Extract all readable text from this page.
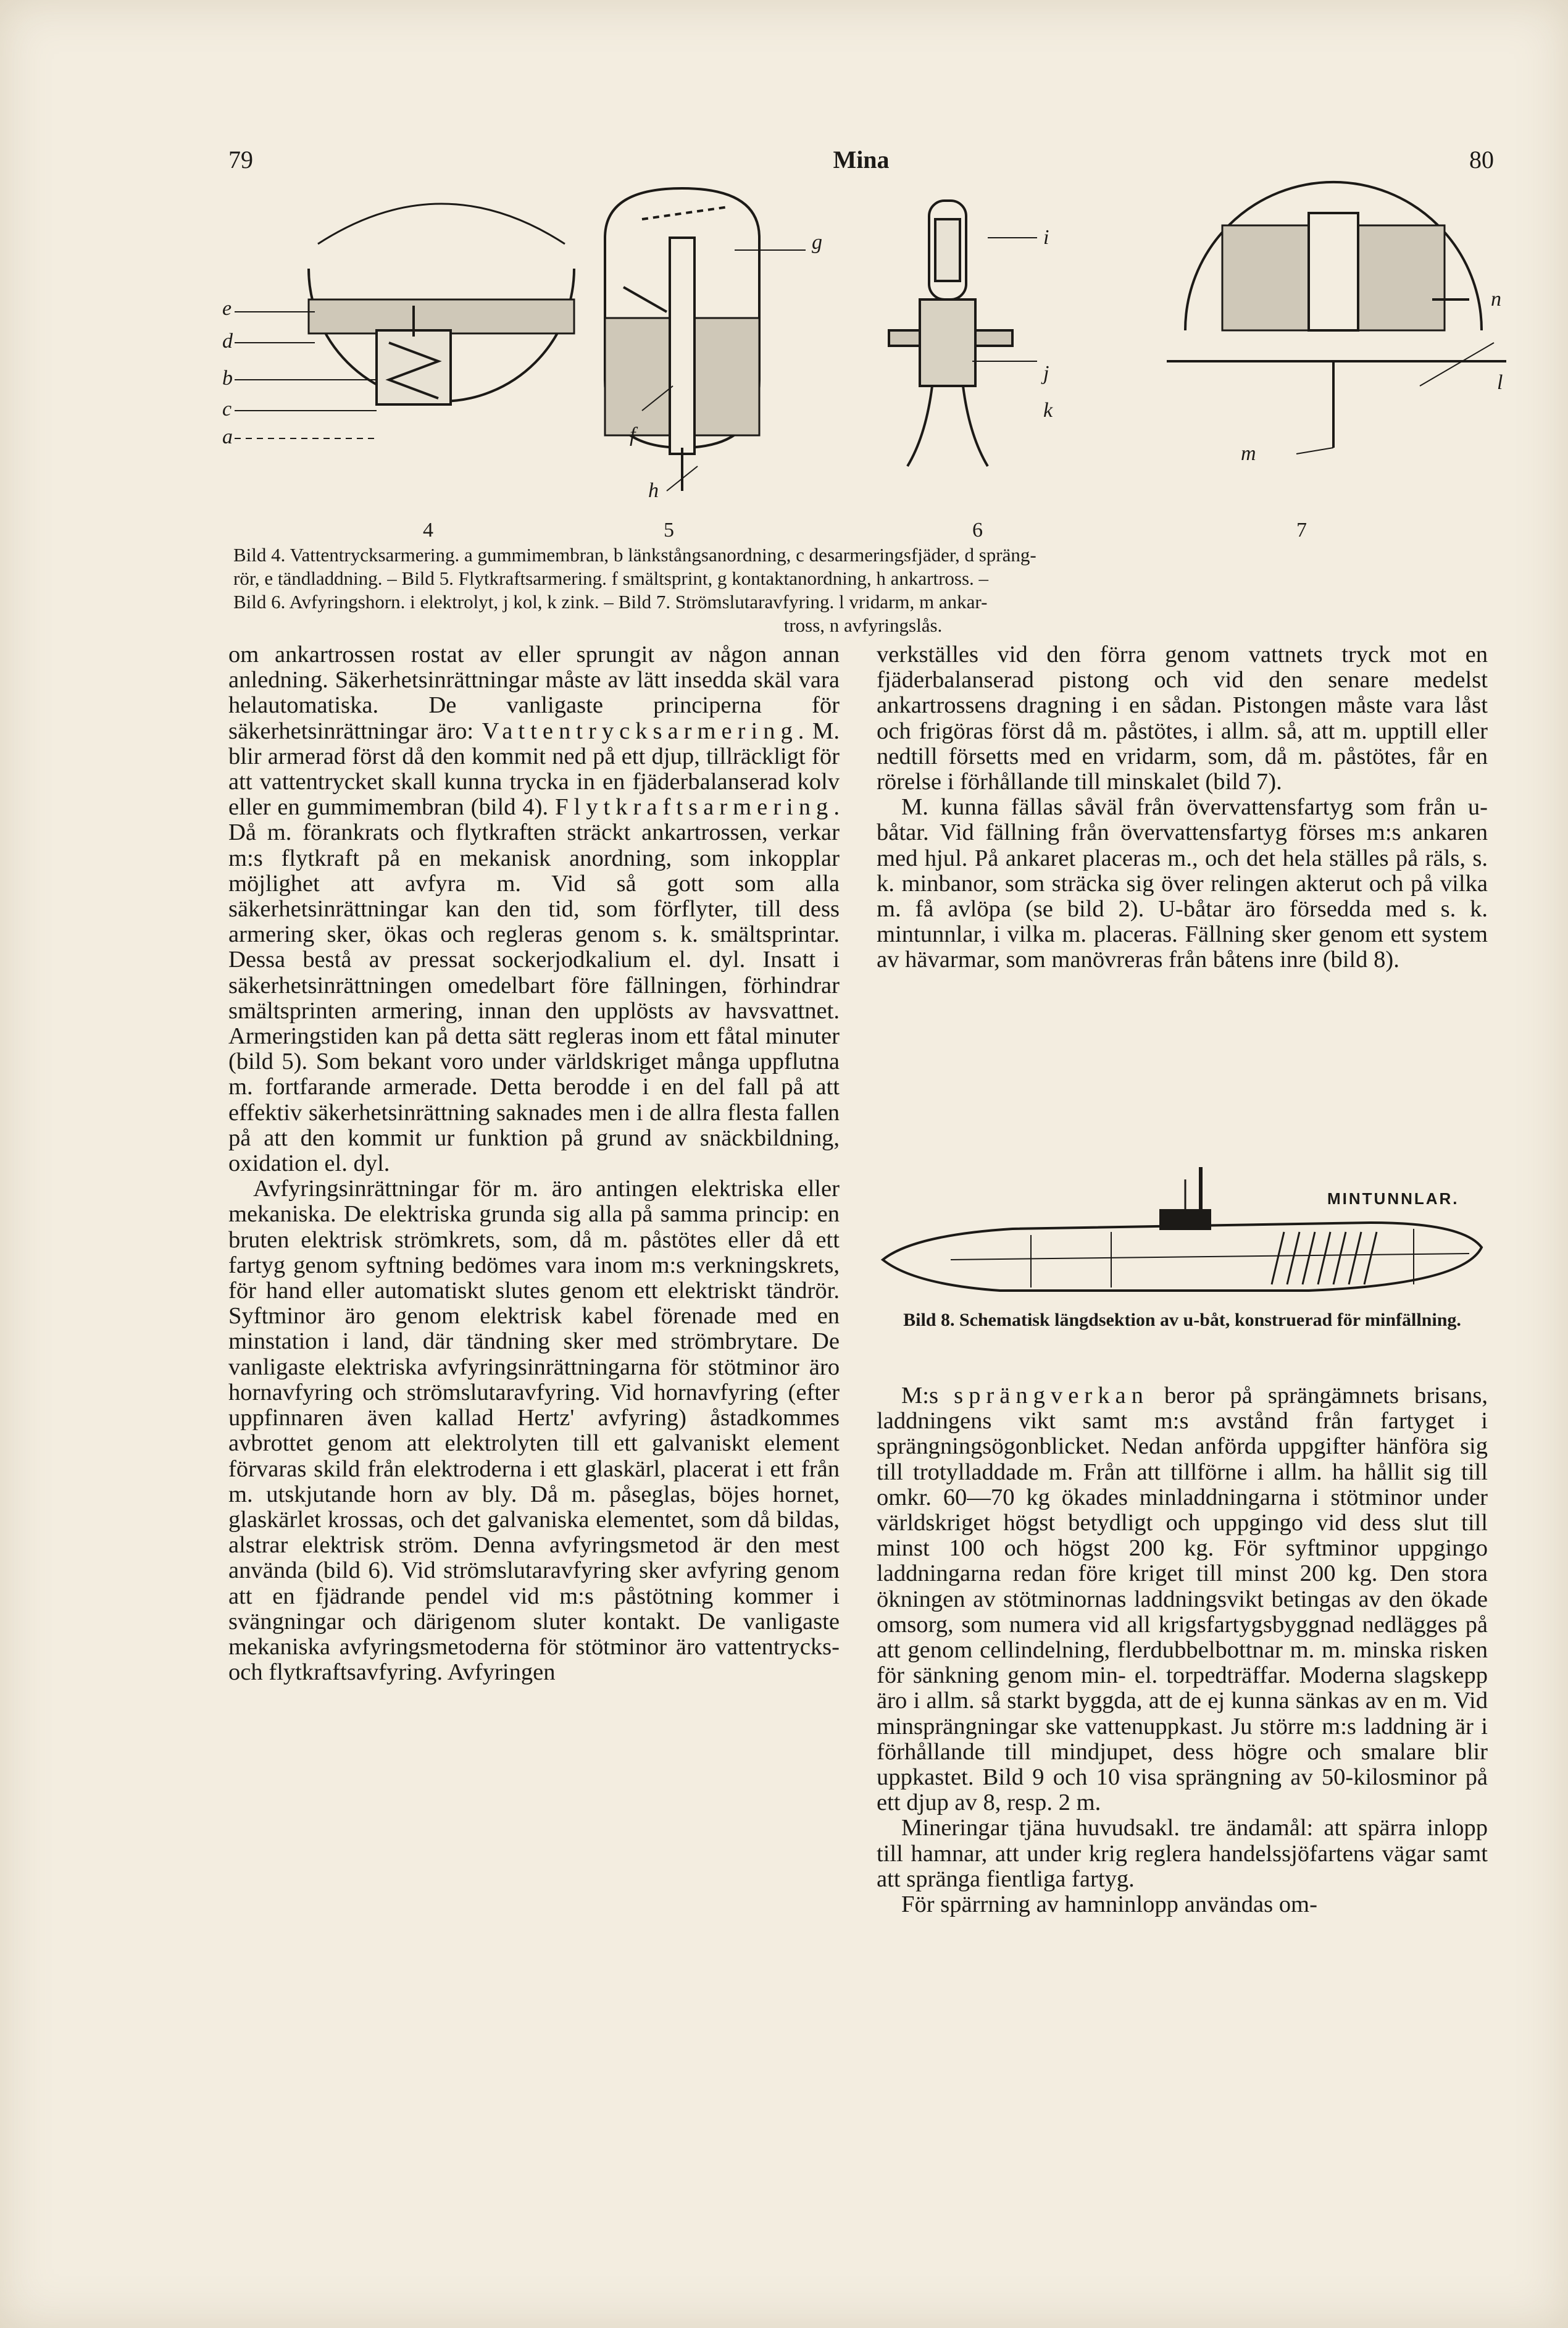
79	Mina	80
e
d
b
c
a
g
f
h
i
j
k
n
l
m
4	5	6	7
Bild 4. Vattentrycksarmering. a gummimembran, b länkstångsanordning, c desarmeringsfjäder, d spräng-
rör, e tändladdning. – Bild 5. Flytkraftsarmering. f smältsprint, g kontaktanordning, h ankartross. –
Bild 6. Avfyringshorn. i elektrolyt, j kol, k zink. – Bild 7. Strömslutaravfyring. l vridarm, m ankar-

tross, n avfyringslås.

om ankartrossen rostat av eller sprungit av någon annan anledning. Säkerhetsinrättningar måste av lätt insedda skäl vara helautomatiska. De vanligaste principerna för säkerhetsinrättningar äro: Vattentrycksarmering. M. blir armerad först då den kommit ned på ett djup, tillräckligt för att vattentrycket skall kunna trycka in en fjäderbalanserad kolv eller en gummimembran (bild 4). Flytkraftsarmering. Då m. förankrats och flytkraften sträckt ankartrossen, verkar m:s flytkraft på en mekanisk anordning, som inkopplar möjlighet att avfyra m. Vid så gott som alla säkerhetsinrättningar kan den tid, som förflyter, till dess armering sker, ökas och regleras genom s. k. smältsprintar. Dessa bestå av pressat sockerjodkalium el. dyl. Insatt i säkerhetsinrättningen omedelbart före fällningen, förhindrar smältsprinten armering, innan den upplösts av havsvattnet. Armeringstiden kan på detta sätt regleras inom ett fåtal minuter (bild 5). Som bekant voro under världskriget många uppflutna m. fortfarande armerade. Detta berodde i en del fall på att effektiv säkerhetsinrättning saknades men i de allra flesta fallen på att den kommit ur funktion på grund av snäckbildning, oxidation el. dyl.

Avfyringsinrättningar för m. äro antingen elektriska eller mekaniska. De elektriska grunda sig alla på samma princip: en bruten elektrisk strömkrets, som, då m. påstötes eller då ett fartyg genom syftning bedömes vara inom m:s verkningskrets, för hand eller automatiskt slutes genom ett elektriskt tändrör. Syftminor äro genom elektrisk kabel förenade med en minstation i land, där tändning sker med strömbrytare. De vanligaste elektriska avfyringsinrättningarna för stötminor äro hornavfyring och strömslutaravfyring. Vid hornavfyring (efter uppfinnaren även kallad Hertz' avfyring) åstadkommes avbrottet genom att elektrolyten till ett galvaniskt element förvaras skild från elektroderna i ett glaskärl, placerat i ett från m. utskjutande horn av bly. Då m. påseglas, böjes hornet, glaskärlet krossas, och det galvaniska elementet, som då bildas, alstrar elektrisk ström. Denna avfyringsmetod är den mest använda (bild 6). Vid strömslutaravfyring sker avfyring genom att en fjädrande pendel vid m:s påstötning kommer i svängningar och därigenom sluter kontakt. De vanligaste mekaniska avfyringsmetoderna för stötminor äro vattentrycks- och flytkraftsavfyring. Avfyringen

verkställes vid den förra genom vattnets tryck mot en fjäderbalanserad pistong och vid den senare medelst ankartrossens dragning i en sådan. Pistongen måste vara låst och frigöras först då m. påstötes, i allm. så, att m. upptill eller nedtill försetts med en vridarm, som, då m. påstötes, får en rörelse i förhållande till minskalet (bild 7).

M. kunna fällas såväl från övervattensfartyg som från u-båtar. Vid fällning från övervattensfartyg förses m:s ankaren med hjul. På ankaret placeras m., och det hela ställes på räls, s. k. minbanor, som sträcka sig över relingen akterut och på vilka m. få avlöpa (se bild 2). U-båtar äro försedda med s. k. mintunnlar, i vilka m. placeras. Fällning sker genom ett system av hävarmar, som manövreras från båtens inre (bild 8).

MINTUNNLAR.
Bild 8. Schematisk längdsektion av u-båt, konstruerad för minfällning.

M:s sprängverkan beror på sprängämnets brisans, laddningens vikt samt m:s avstånd från fartyget i sprängningsögonblicket. Nedan anförda uppgifter hänföra sig till trotylladdade m. Från att tillförne i allm. ha hållit sig till omkr. 60—70 kg ökades minladdningarna i stötminor under världskriget högst betydligt och uppgingo vid dess slut till minst 100 och högst 200 kg. För syftminor uppgingo laddningarna redan före kriget till minst 200 kg. Den stora ökningen av stötminornas laddningsvikt betingas av den ökade omsorg, som numera vid all krigsfartygsbyggnad nedlägges på att genom cellindelning, flerdubbelbottnar m. m. minska risken för sänkning genom min- el. torpedträffar. Moderna slagskepp äro i allm. så starkt byggda, att de ej kunna sänkas av en m. Vid minsprängningar ske vattenuppkast. Ju större m:s laddning är i förhållande till mindjupet, dess högre och smalare blir uppkastet. Bild 9 och 10 visa sprängning av 50-kilosminor på ett djup av 8, resp. 2 m.

Mineringar tjäna huvudsakl. tre ändamål: att spärra inlopp till hamnar, att under krig reglera handelssjöfartens vägar samt att spränga fientliga fartyg.

För spärrning av hamninlopp användas om-
